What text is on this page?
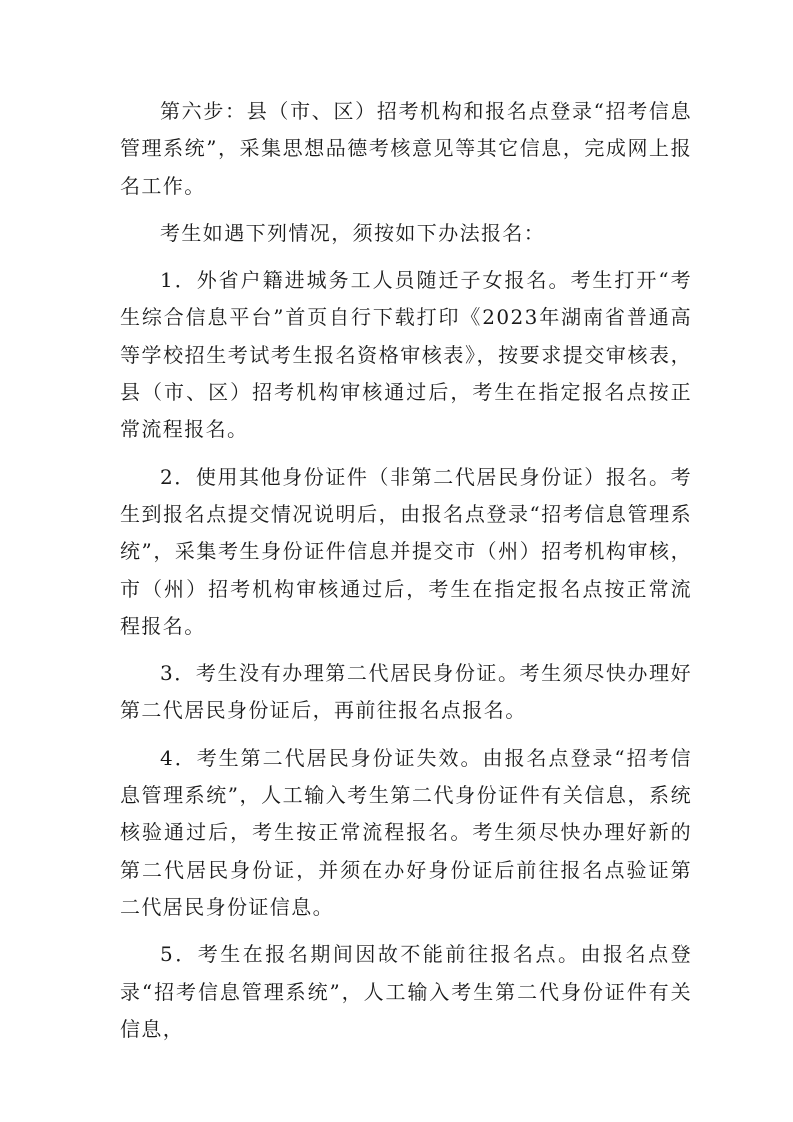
第六步：县（市、区）招考机构和报名点登录“招考信息管理系统”，采集思想品德考核意见等其它信息，完成网上报名工作。

考生如遇下列情况，须按如下办法报名：

1．外省户籍进城务工人员随迁子女报名。考生打开“考生综合信息平台”首页自行下载打印《2023年湖南省普通高等学校招生考试考生报名资格审核表》，按要求提交审核表，县（市、区）招考机构审核通过后，考生在指定报名点按正常流程报名。

2．使用其他身份证件（非第二代居民身份证）报名。考生到报名点提交情况说明后，由报名点登录“招考信息管理系统”，采集考生身份证件信息并提交市（州）招考机构审核，市（州）招考机构审核通过后，考生在指定报名点按正常流程报名。

3．考生没有办理第二代居民身份证。考生须尽快办理好第二代居民身份证后，再前往报名点报名。

4．考生第二代居民身份证失效。由报名点登录“招考信息管理系统”，人工输入考生第二代身份证件有关信息，系统核验通过后，考生按正常流程报名。考生须尽快办理好新的第二代居民身份证，并须在办好身份证后前往报名点验证第二代居民身份证信息。

5．考生在报名期间因故不能前往报名点。由报名点登录“招考信息管理系统”，人工输入考生第二代身份证件有关信息，
